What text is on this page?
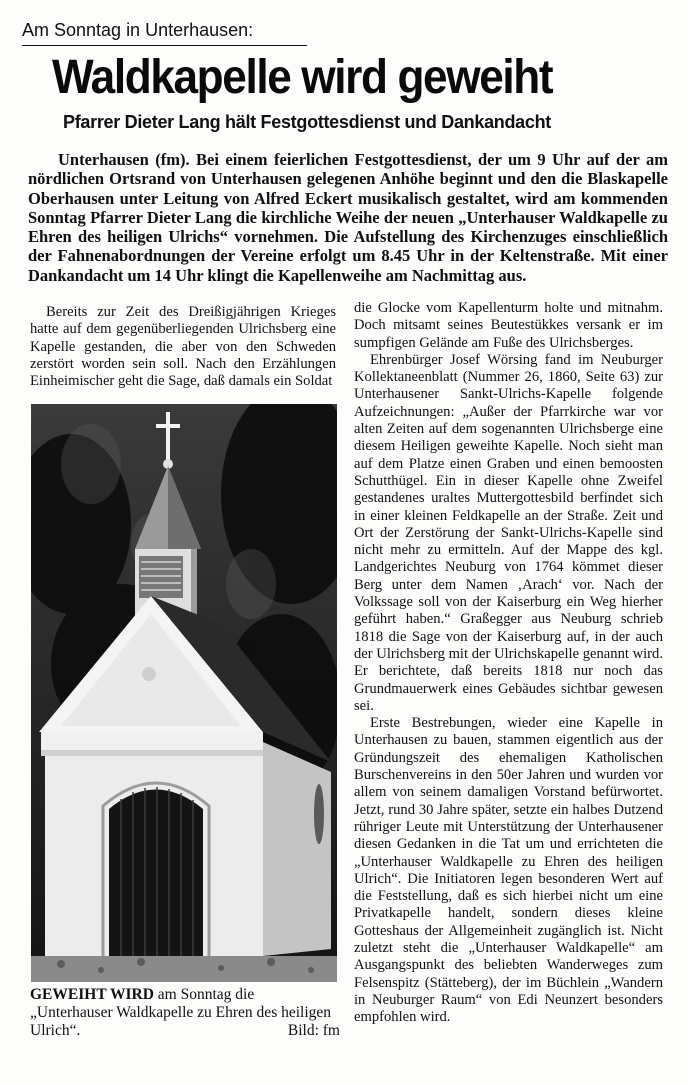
Am Sonntag in Unterhausen:
Waldkapelle wird geweiht
Pfarrer Dieter Lang hält Festgottesdienst und Dankandacht
Unterhausen (fm). Bei einem feierlichen Festgottesdienst, der um 9 Uhr auf der am nördlichen Ortsrand von Unterhausen gelegenen Anhöhe beginnt und den die Blaskapelle Oberhausen unter Leitung von Alfred Eckert musikalisch gestaltet, wird am kommenden Sonntag Pfarrer Dieter Lang die kirchliche Weihe der neuen „Unterhauser Waldkapelle zu Ehren des heiligen Ulrichs“ vornehmen. Die Aufstellung des Kirchenzuges einschließlich der Fahnenabordnungen der Vereine erfolgt um 8.45 Uhr in der Keltenstraße. Mit einer Dankandacht um 14 Uhr klingt die Kapellenweihe am Nachmittag aus.

Bereits zur Zeit des Dreißigjährigen Krieges hatte auf dem gegenüberliegenden Ulrichsberg eine Kapelle gestanden, die aber von den Schweden zerstört worden sein soll. Nach den Erzählungen Einheimischer geht die Sage, daß damals ein Soldat

GEWEIHT WIRD am Sonntag die „Unterhauser Waldkapelle zu Ehren des heiligen Ulrich“.	Bild: fm

die Glocke vom Kapellenturm holte und mitnahm. Doch mitsamt seines Beutestükkes versank er im sumpfigen Gelände am Fuße des Ulrichsberges.

Ehrenbürger Josef Wörsing fand im Neuburger Kollektaneenblatt (Nummer 26, 1860, Seite 63) zur Unterhausener Sankt-Ulrichs-Kapelle folgende Aufzeichnungen: „Außer der Pfarrkirche war vor alten Zeiten auf dem sogenannten Ulrichsberge eine diesem Heiligen geweihte Kapelle. Noch sieht man auf dem Platze einen Graben und einen bemoosten Schutthügel. Ein in dieser Kapelle ohne Zweifel gestandenes uraltes Muttergottesbild berfindet sich in einer kleinen Feldkapelle an der Straße. Zeit und Ort der Zerstörung der Sankt-Ulrichs-Kapelle sind nicht mehr zu ermitteln. Auf der Mappe des kgl. Landgerichtes Neuburg von 1764 kömmet dieser Berg unter dem Namen ‚Arach‘ vor. Nach der Volkssage soll von der Kaiserburg ein Weg hierher geführt haben.“ Graßegger aus Neuburg schrieb 1818 die Sage von der Kaiserburg auf, in der auch der Ulrichsberg mit der Ulrichskapelle genannt wird. Er berichtete, daß bereits 1818 nur noch das Grundmauerwerk eines Gebäudes sichtbar gewesen sei.

Erste Bestrebungen, wieder eine Kapelle in Unterhausen zu bauen, stammen eigentlich aus der Gründungszeit des ehemaligen Katholischen Burschenvereins in den 50er Jahren und wurden vor allem von seinem damaligen Vorstand befürwortet. Jetzt, rund 30 Jahre später, setzte ein halbes Dutzend rühriger Leute mit Unterstützung der Unterhausener diesen Gedanken in die Tat um und errichteten die „Unterhauser Waldkapelle zu Ehren des heiligen Ulrich“. Die Initiatoren legen besonderen Wert auf die Feststellung, daß es sich hierbei nicht um eine Privatkapelle handelt, sondern dieses kleine Gotteshaus der Allgemeinheit zugänglich ist. Nicht zuletzt steht die „Unterhauser Waldkapelle“ am Ausgangspunkt des beliebten Wanderweges zum Felsenspitz (Stätteberg), der im Büchlein „Wandern in Neuburger Raum“ von Edi Neunzert besonders empfohlen wird.
